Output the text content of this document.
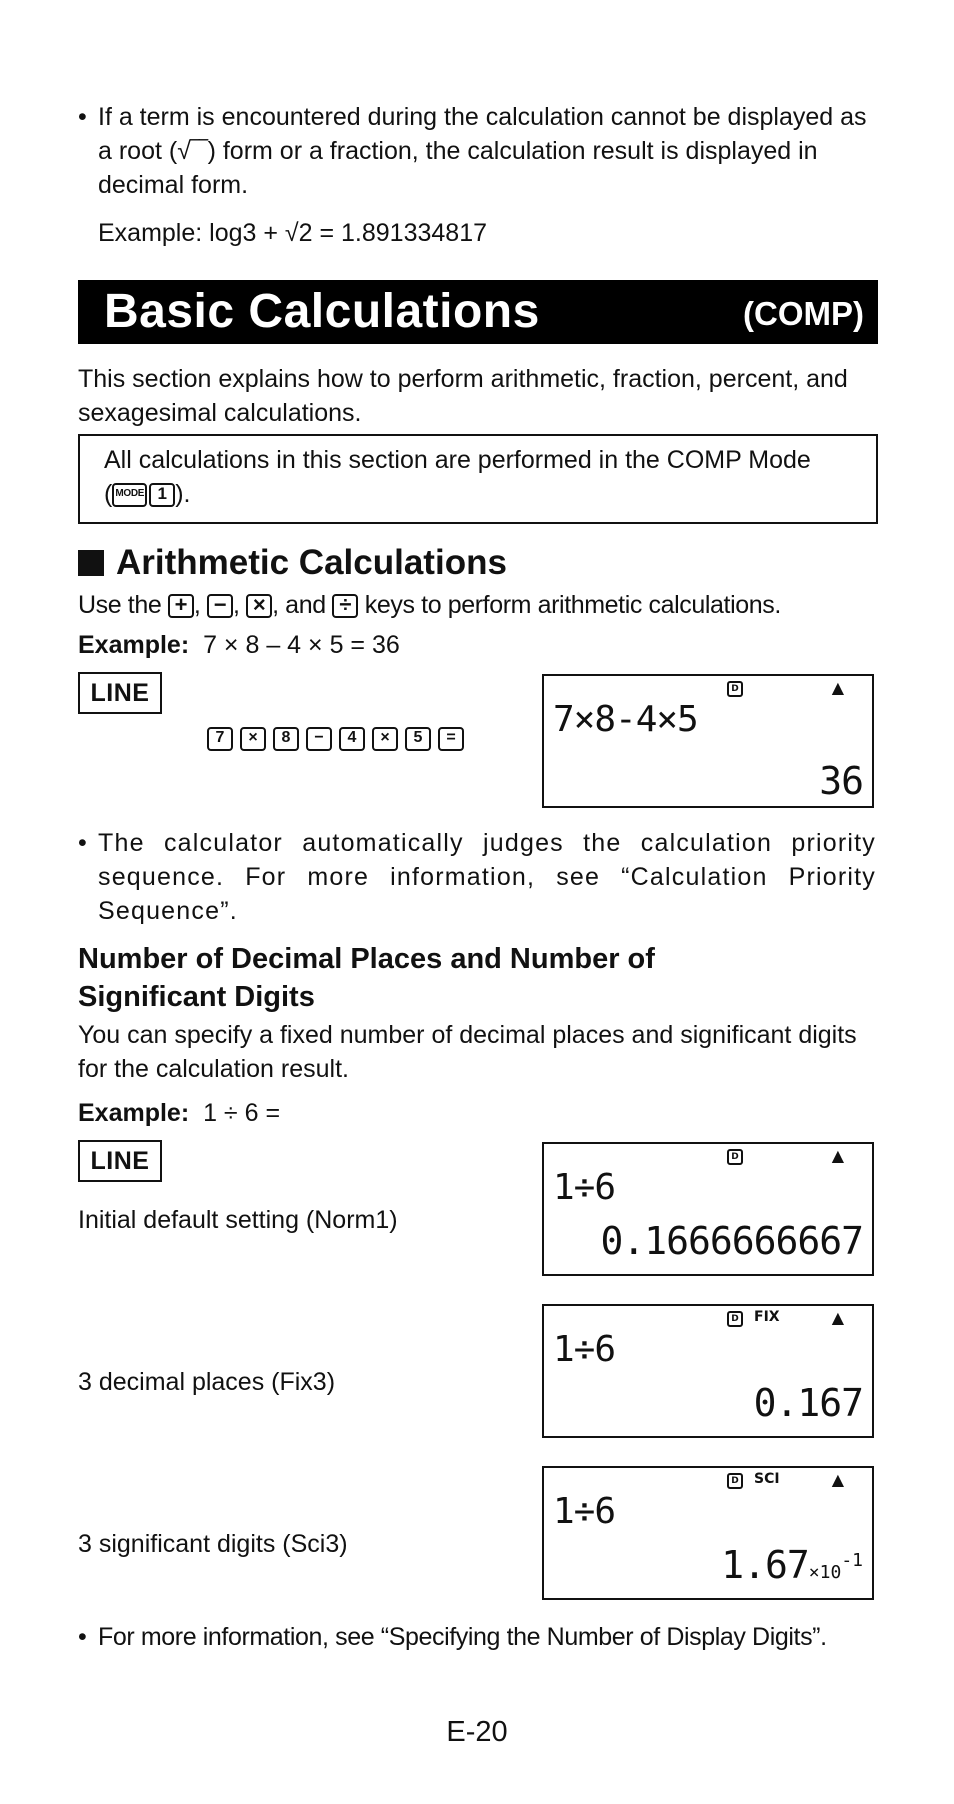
• If a term is encountered during the calculation cannot be displayed as a root (√‾‾) form or a fraction, the calculation result is displayed in decimal form.
Example: log3 + √2 = 1.891334817
Basic Calculations	(COMP)
This section explains how to perform arithmetic, fraction, percent, and sexagesimal calculations.
All calculations in this section are performed in the COMP Mode
( MODE  1 ).
Arithmetic Calculations
Use the + , − , × , and ÷ keys to perform arithmetic calculations.
Example: 7 × 8 – 4 × 5 = 36
LINE
7 × 8 − 4 × 5 =
D	▲
7×8-4×5
36
• The calculator automatically judges the calculation priority sequence. For more information, see “Calculation Priority Sequence”.
Number of Decimal Places and Number of Significant Digits
You can specify a fixed number of decimal places and significant digits for the calculation result.
Example: 1 ÷ 6 =
LINE
Initial default setting (Norm1)
D	▲
1÷6
0.1666666667
3 decimal places (Fix3)
D	FIX	▲
1÷6
0.167
3 significant digits (Sci3)
D	SCI	▲
1÷6
$1.67\times 10^{-1}$
• For more information, see “Specifying the Number of Display Digits”.
E-20
